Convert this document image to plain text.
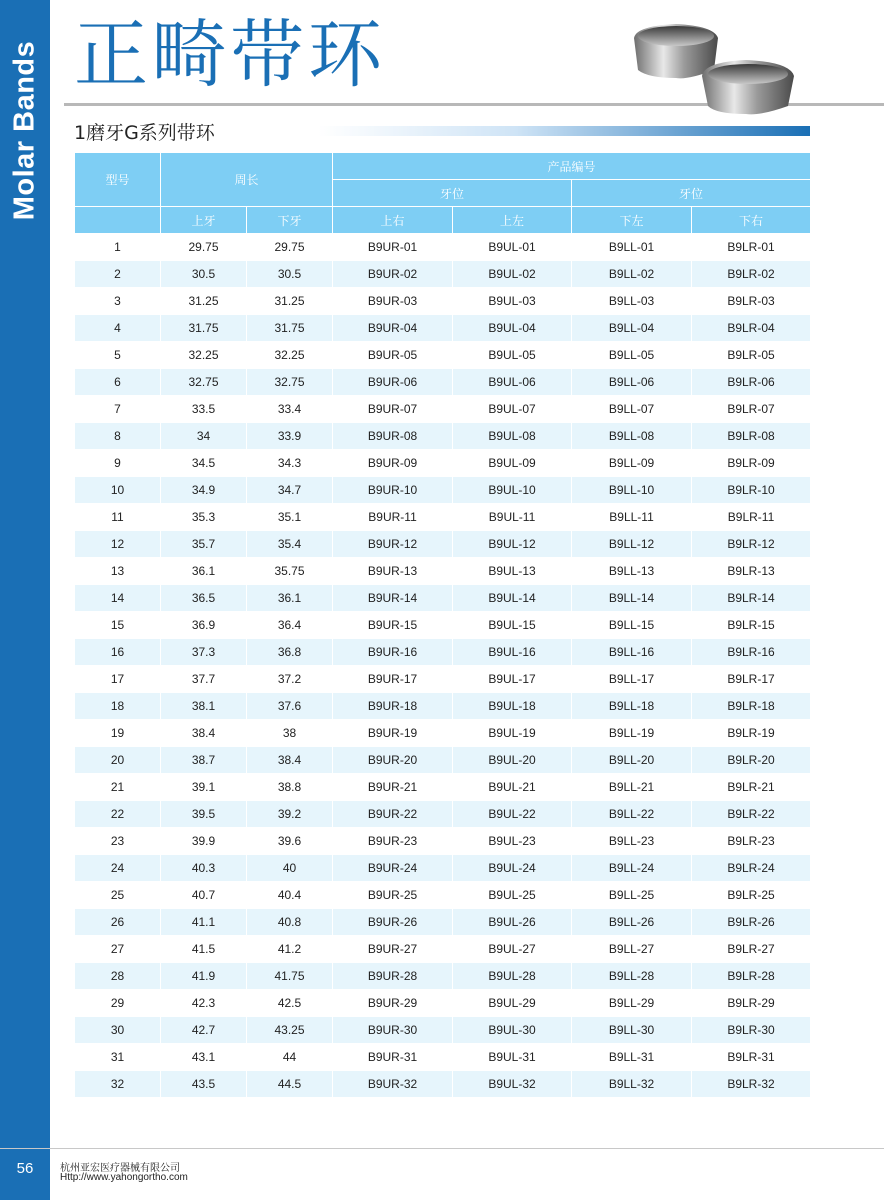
Molar Bands
56
正畸带环
1磨牙G系列带环
型号	周长		产品编号			
			牙位		牙位	
	上牙	下牙	上右	上左	下左	下右
1	29.75	29.75	B9UR-01	B9UL-01	B9LL-01	B9LR-01
2	30.5	30.5	B9UR-02	B9UL-02	B9LL-02	B9LR-02
3	31.25	31.25	B9UR-03	B9UL-03	B9LL-03	B9LR-03
4	31.75	31.75	B9UR-04	B9UL-04	B9LL-04	B9LR-04
5	32.25	32.25	B9UR-05	B9UL-05	B9LL-05	B9LR-05
6	32.75	32.75	B9UR-06	B9UL-06	B9LL-06	B9LR-06
7	33.5	33.4	B9UR-07	B9UL-07	B9LL-07	B9LR-07
8	34	33.9	B9UR-08	B9UL-08	B9LL-08	B9LR-08
9	34.5	34.3	B9UR-09	B9UL-09	B9LL-09	B9LR-09
10	34.9	34.7	B9UR-10	B9UL-10	B9LL-10	B9LR-10
11	35.3	35.1	B9UR-11	B9UL-11	B9LL-11	B9LR-11
12	35.7	35.4	B9UR-12	B9UL-12	B9LL-12	B9LR-12
13	36.1	35.75	B9UR-13	B9UL-13	B9LL-13	B9LR-13
14	36.5	36.1	B9UR-14	B9UL-14	B9LL-14	B9LR-14
15	36.9	36.4	B9UR-15	B9UL-15	B9LL-15	B9LR-15
16	37.3	36.8	B9UR-16	B9UL-16	B9LL-16	B9LR-16
17	37.7	37.2	B9UR-17	B9UL-17	B9LL-17	B9LR-17
18	38.1	37.6	B9UR-18	B9UL-18	B9LL-18	B9LR-18
19	38.4	38	B9UR-19	B9UL-19	B9LL-19	B9LR-19
20	38.7	38.4	B9UR-20	B9UL-20	B9LL-20	B9LR-20
21	39.1	38.8	B9UR-21	B9UL-21	B9LL-21	B9LR-21
22	39.5	39.2	B9UR-22	B9UL-22	B9LL-22	B9LR-22
23	39.9	39.6	B9UR-23	B9UL-23	B9LL-23	B9LR-23
24	40.3	40	B9UR-24	B9UL-24	B9LL-24	B9LR-24
25	40.7	40.4	B9UR-25	B9UL-25	B9LL-25	B9LR-25
26	41.1	40.8	B9UR-26	B9UL-26	B9LL-26	B9LR-26
27	41.5	41.2	B9UR-27	B9UL-27	B9LL-27	B9LR-27
28	41.9	41.75	B9UR-28	B9UL-28	B9LL-28	B9LR-28
29	42.3	42.5	B9UR-29	B9UL-29	B9LL-29	B9LR-29
30	42.7	43.25	B9UR-30	B9UL-30	B9LL-30	B9LR-30
31	43.1	44	B9UR-31	B9UL-31	B9LL-31	B9LR-31
32	43.5	44.5	B9UR-32	B9UL-32	B9LL-32	B9LR-32
杭州亚宏医疗器械有限公司
Http://www.yahongortho.com
